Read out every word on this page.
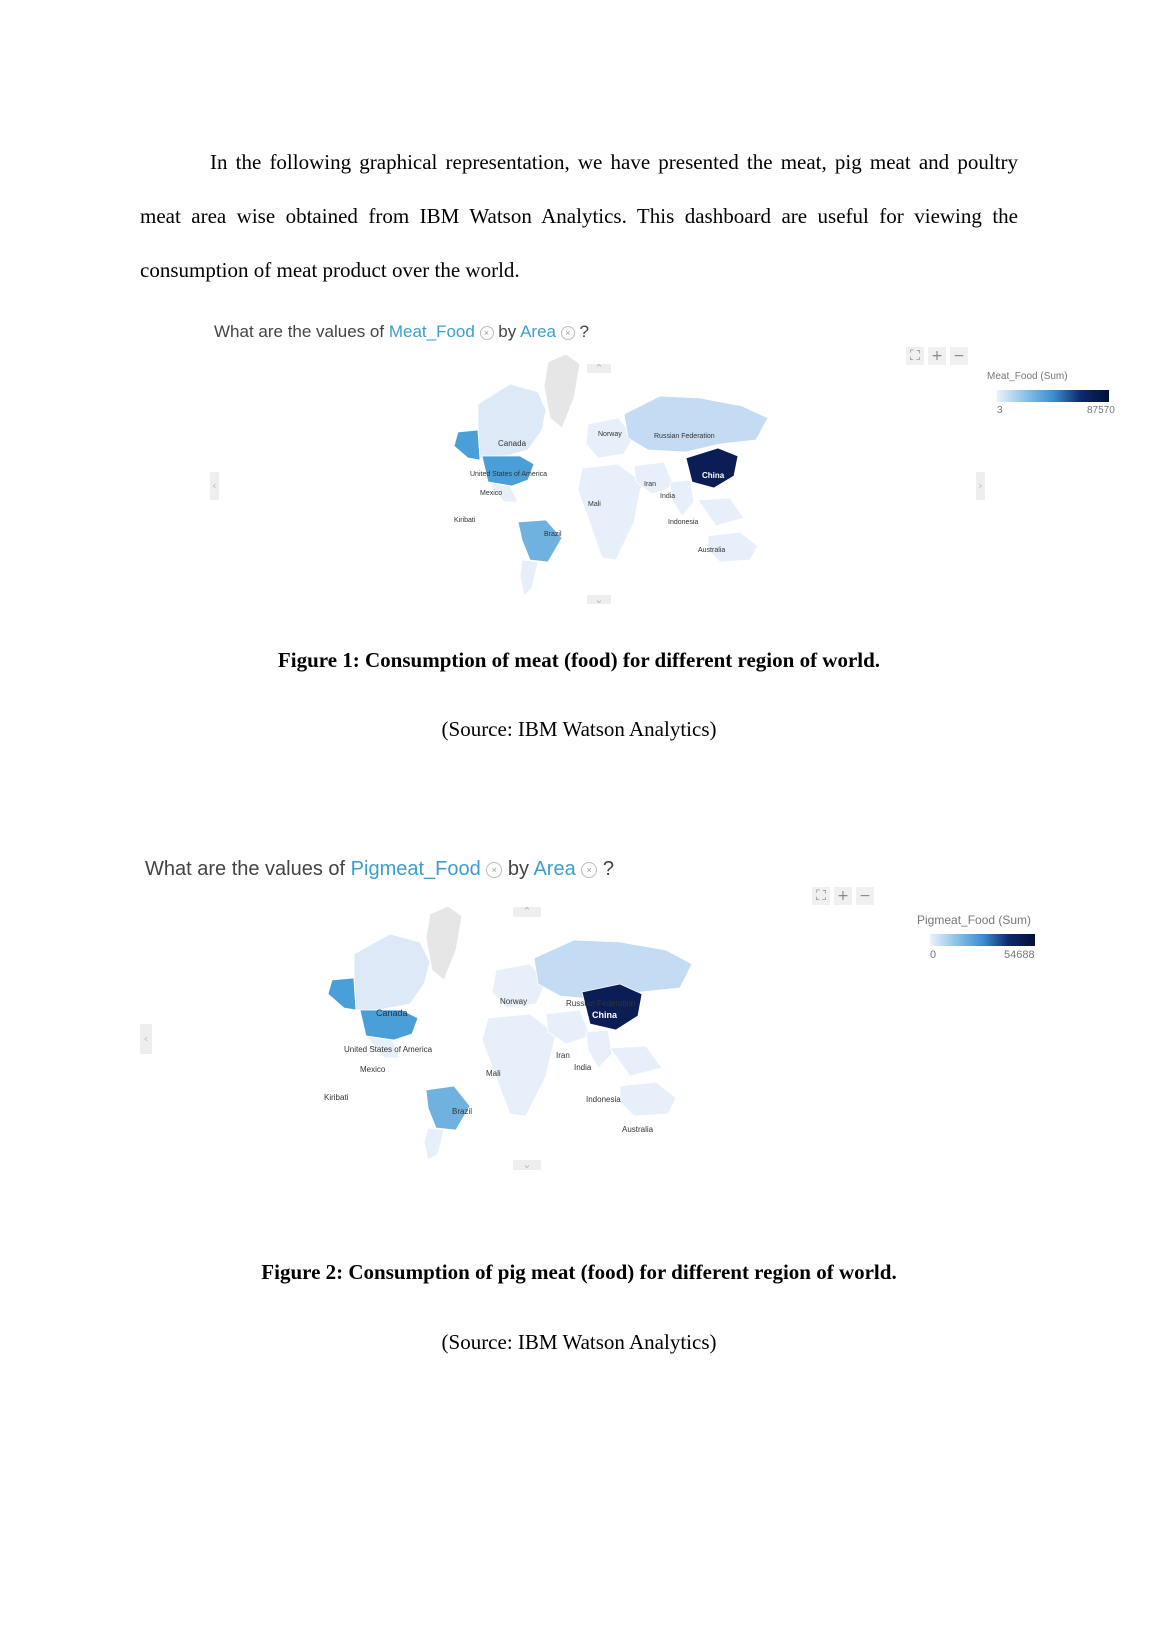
In the following graphical representation, we have presented the meat, pig meat and poultry meat area wise obtained from IBM Watson Analytics. This dashboard are useful for viewing the consumption of meat product over the world.

What are the values of Meat_Food × by Area × ?
⛶ + −
Meat_Food (Sum)
3	87570
‹	›
⌃
⌄
Canada
United States of America
Mexico
Norway	Russian Federation
China
Iran
India
Mali
Kiribati
Brazil
Indonesia
Australia
Figure 1: Consumption of meat (food) for different region of world.
(Source: IBM Watson Analytics)
What are the values of Pigmeat_Food × by Area × ?
⛶ + −
Pigmeat_Food (Sum)
0	54688
‹
⌃
⌄
Canada
United States of America
Mexico
Norway	Russian Federation
China
Iran
India
Mali
Kiribati
Brazil
Indonesia
Australia
Figure 2: Consumption of pig meat (food) for different region of world.
(Source: IBM Watson Analytics)
